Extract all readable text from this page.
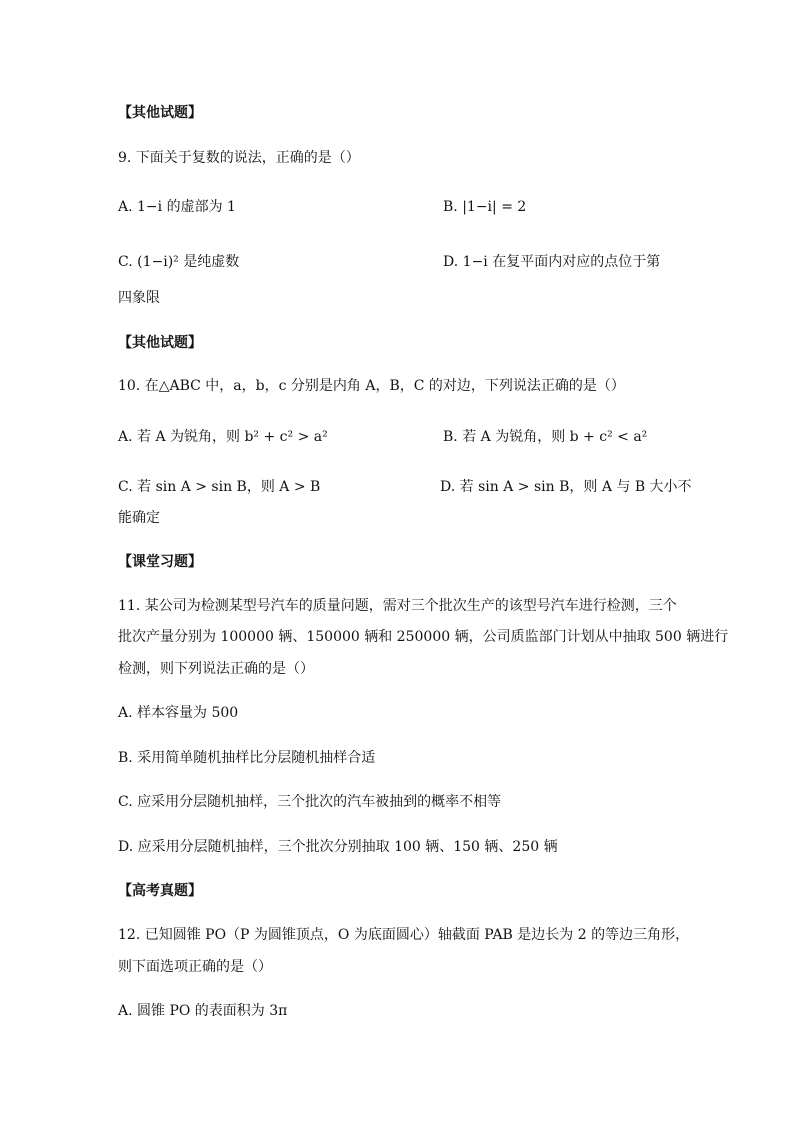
【其他试题】
9. 下面关于复数的说法，正确的是（）
A. 1−i 的虚部为 1	B. |1−i| = 2
C. (1−i)² 是纯虚数	D. 1−i 在复平面内对应的点位于第
四象限
【其他试题】
10. 在△ABC 中，a，b，c 分别是内角 A，B，C 的对边，下列说法正确的是（）
A. 若 A 为锐角，则 b² + c² > a²	B. 若 A 为锐角，则 b + c² < a²
C. 若 sin A > sin B，则 A > B	D. 若 sin A > sin B，则 A 与 B 大小不
能确定
【课堂习题】
11. 某公司为检测某型号汽车的质量问题，需对三个批次生产的该型号汽车进行检测，三个
批次产量分别为 100000 辆、150000 辆和 250000 辆，公司质监部门计划从中抽取 500 辆进行
检测，则下列说法正确的是（）
A. 样本容量为 500
B. 采用简单随机抽样比分层随机抽样合适
C. 应采用分层随机抽样，三个批次的汽车被抽到的概率不相等
D. 应采用分层随机抽样，三个批次分别抽取 100 辆、150 辆、250 辆
【高考真题】
12. 已知圆锥 PO（P 为圆锥顶点，O 为底面圆心）轴截面 PAB 是边长为 2 的等边三角形，
则下面选项正确的是（）
A. 圆锥 PO 的表面积为 3π
